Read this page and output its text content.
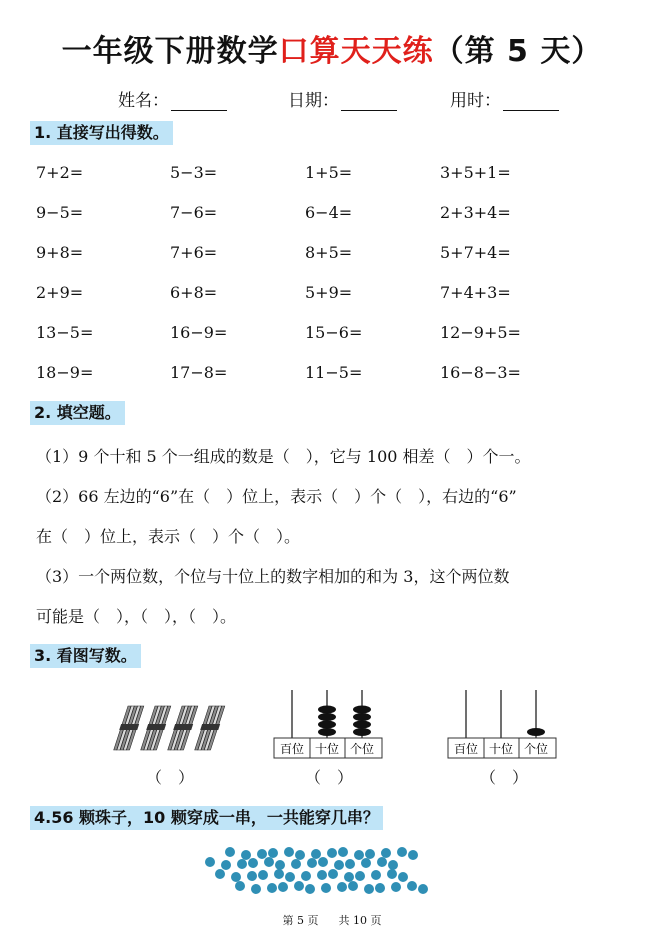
一年级下册数学口算天天练（第 5 天）
姓名：	日期：	用时：
1. 直接写出得数。
7+2=	5−3=	1+5=	3+5+1=
9−5=	7−6=	6−4=	2+3+4=
9+8=	7+6=	8+5=	5+7+4=
2+9=	6+8=	5+9=	7+4+3=
13−5=	16−9=	15−6=	12−9+5=
18−9=	17−8=	11−5=	16−8−3=
2. 填空题。
（1）9 个十和 5 个一组成的数是（　），它与 100 相差（　）个一。
（2）66 左边的“6”在（　）位上，表示（　）个（　），右边的“6”
在（　）位上，表示（　）个（　）。
（3）一个两位数，个位与十位上的数字相加的和为 3，这个两位数
可能是（　），（　），（　）。
3. 看图写数。
百位 十位 个位	百位 十位 个位
（　）	（　）	（　）
4.56 颗珠子，10 颗穿成一串，一共能穿几串？
第 5 页 共 10 页
